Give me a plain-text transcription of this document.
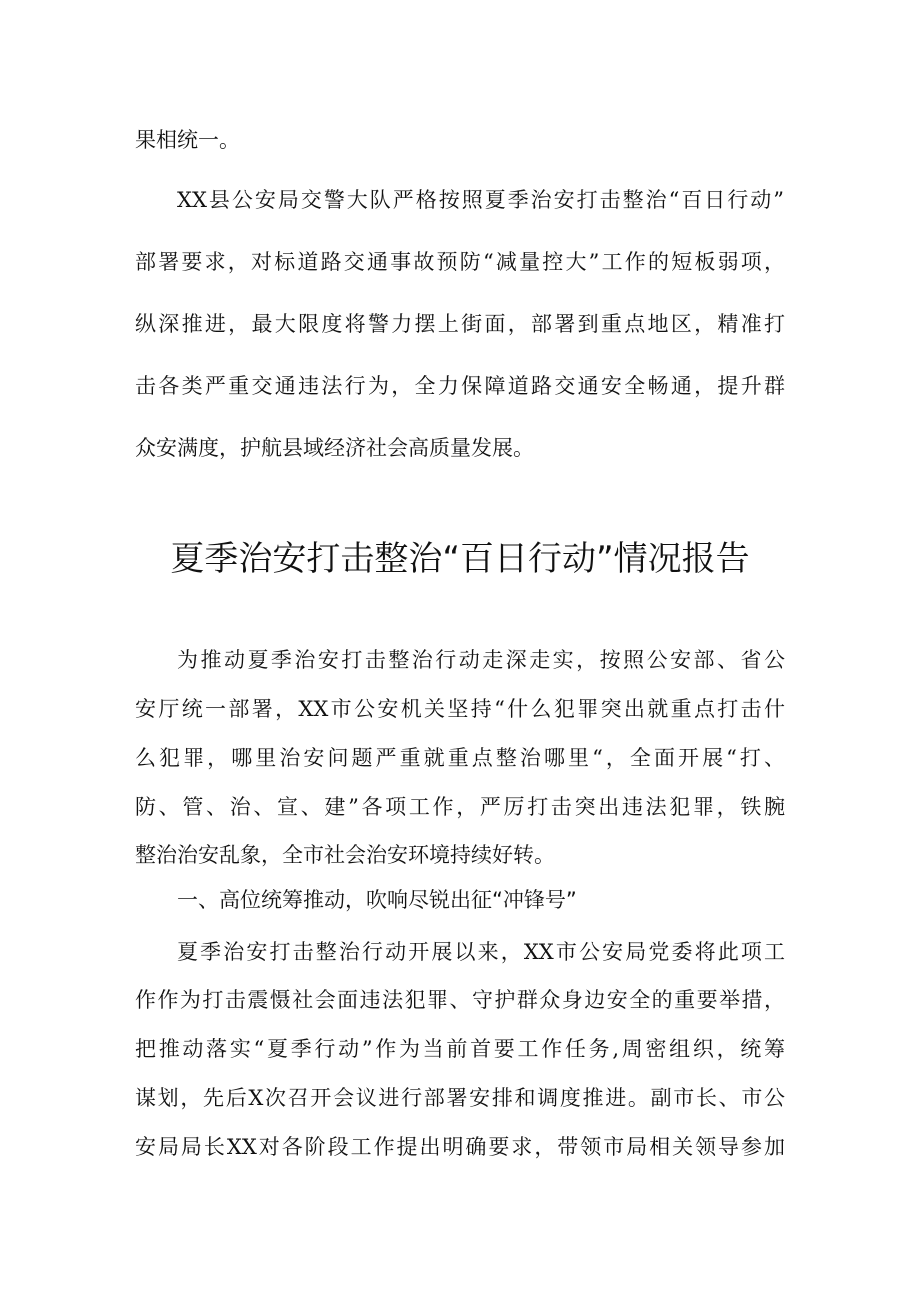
果相统一。
XX县公安局交警大队严格按照夏季治安打击整治“百日行动”
部署要求，对标道路交通事故预防“减量控大”工作的短板弱项，
纵深推进，最大限度将警力摆上街面，部署到重点地区，精准打
击各类严重交通违法行为，全力保障道路交通安全畅通，提升群
众安满度，护航县域经济社会高质量发展。
夏季治安打击整治“百日行动”情况报告
为推动夏季治安打击整治行动走深走实，按照公安部、省公
安厅统一部署，XX市公安机关坚持“什么犯罪突出就重点打击什
么犯罪，哪里治安问题严重就重点整治哪里“，全面开展“打、
防、管、治、宣、建”各项工作，严厉打击突出违法犯罪，铁腕
整治治安乱象，全市社会治安环境持续好转。
一、高位统筹推动，吹响尽锐出征“冲锋号”
夏季治安打击整治行动开展以来，XX市公安局党委将此项工
作作为打击震慑社会面违法犯罪、守护群众身边安全的重要举措，
把推动落实“夏季行动”作为当前首要工作任务,周密组织，统筹
谋划，先后X次召开会议进行部署安排和调度推进。副市长、市公
安局局长XX对各阶段工作提出明确要求，带领市局相关领导参加
